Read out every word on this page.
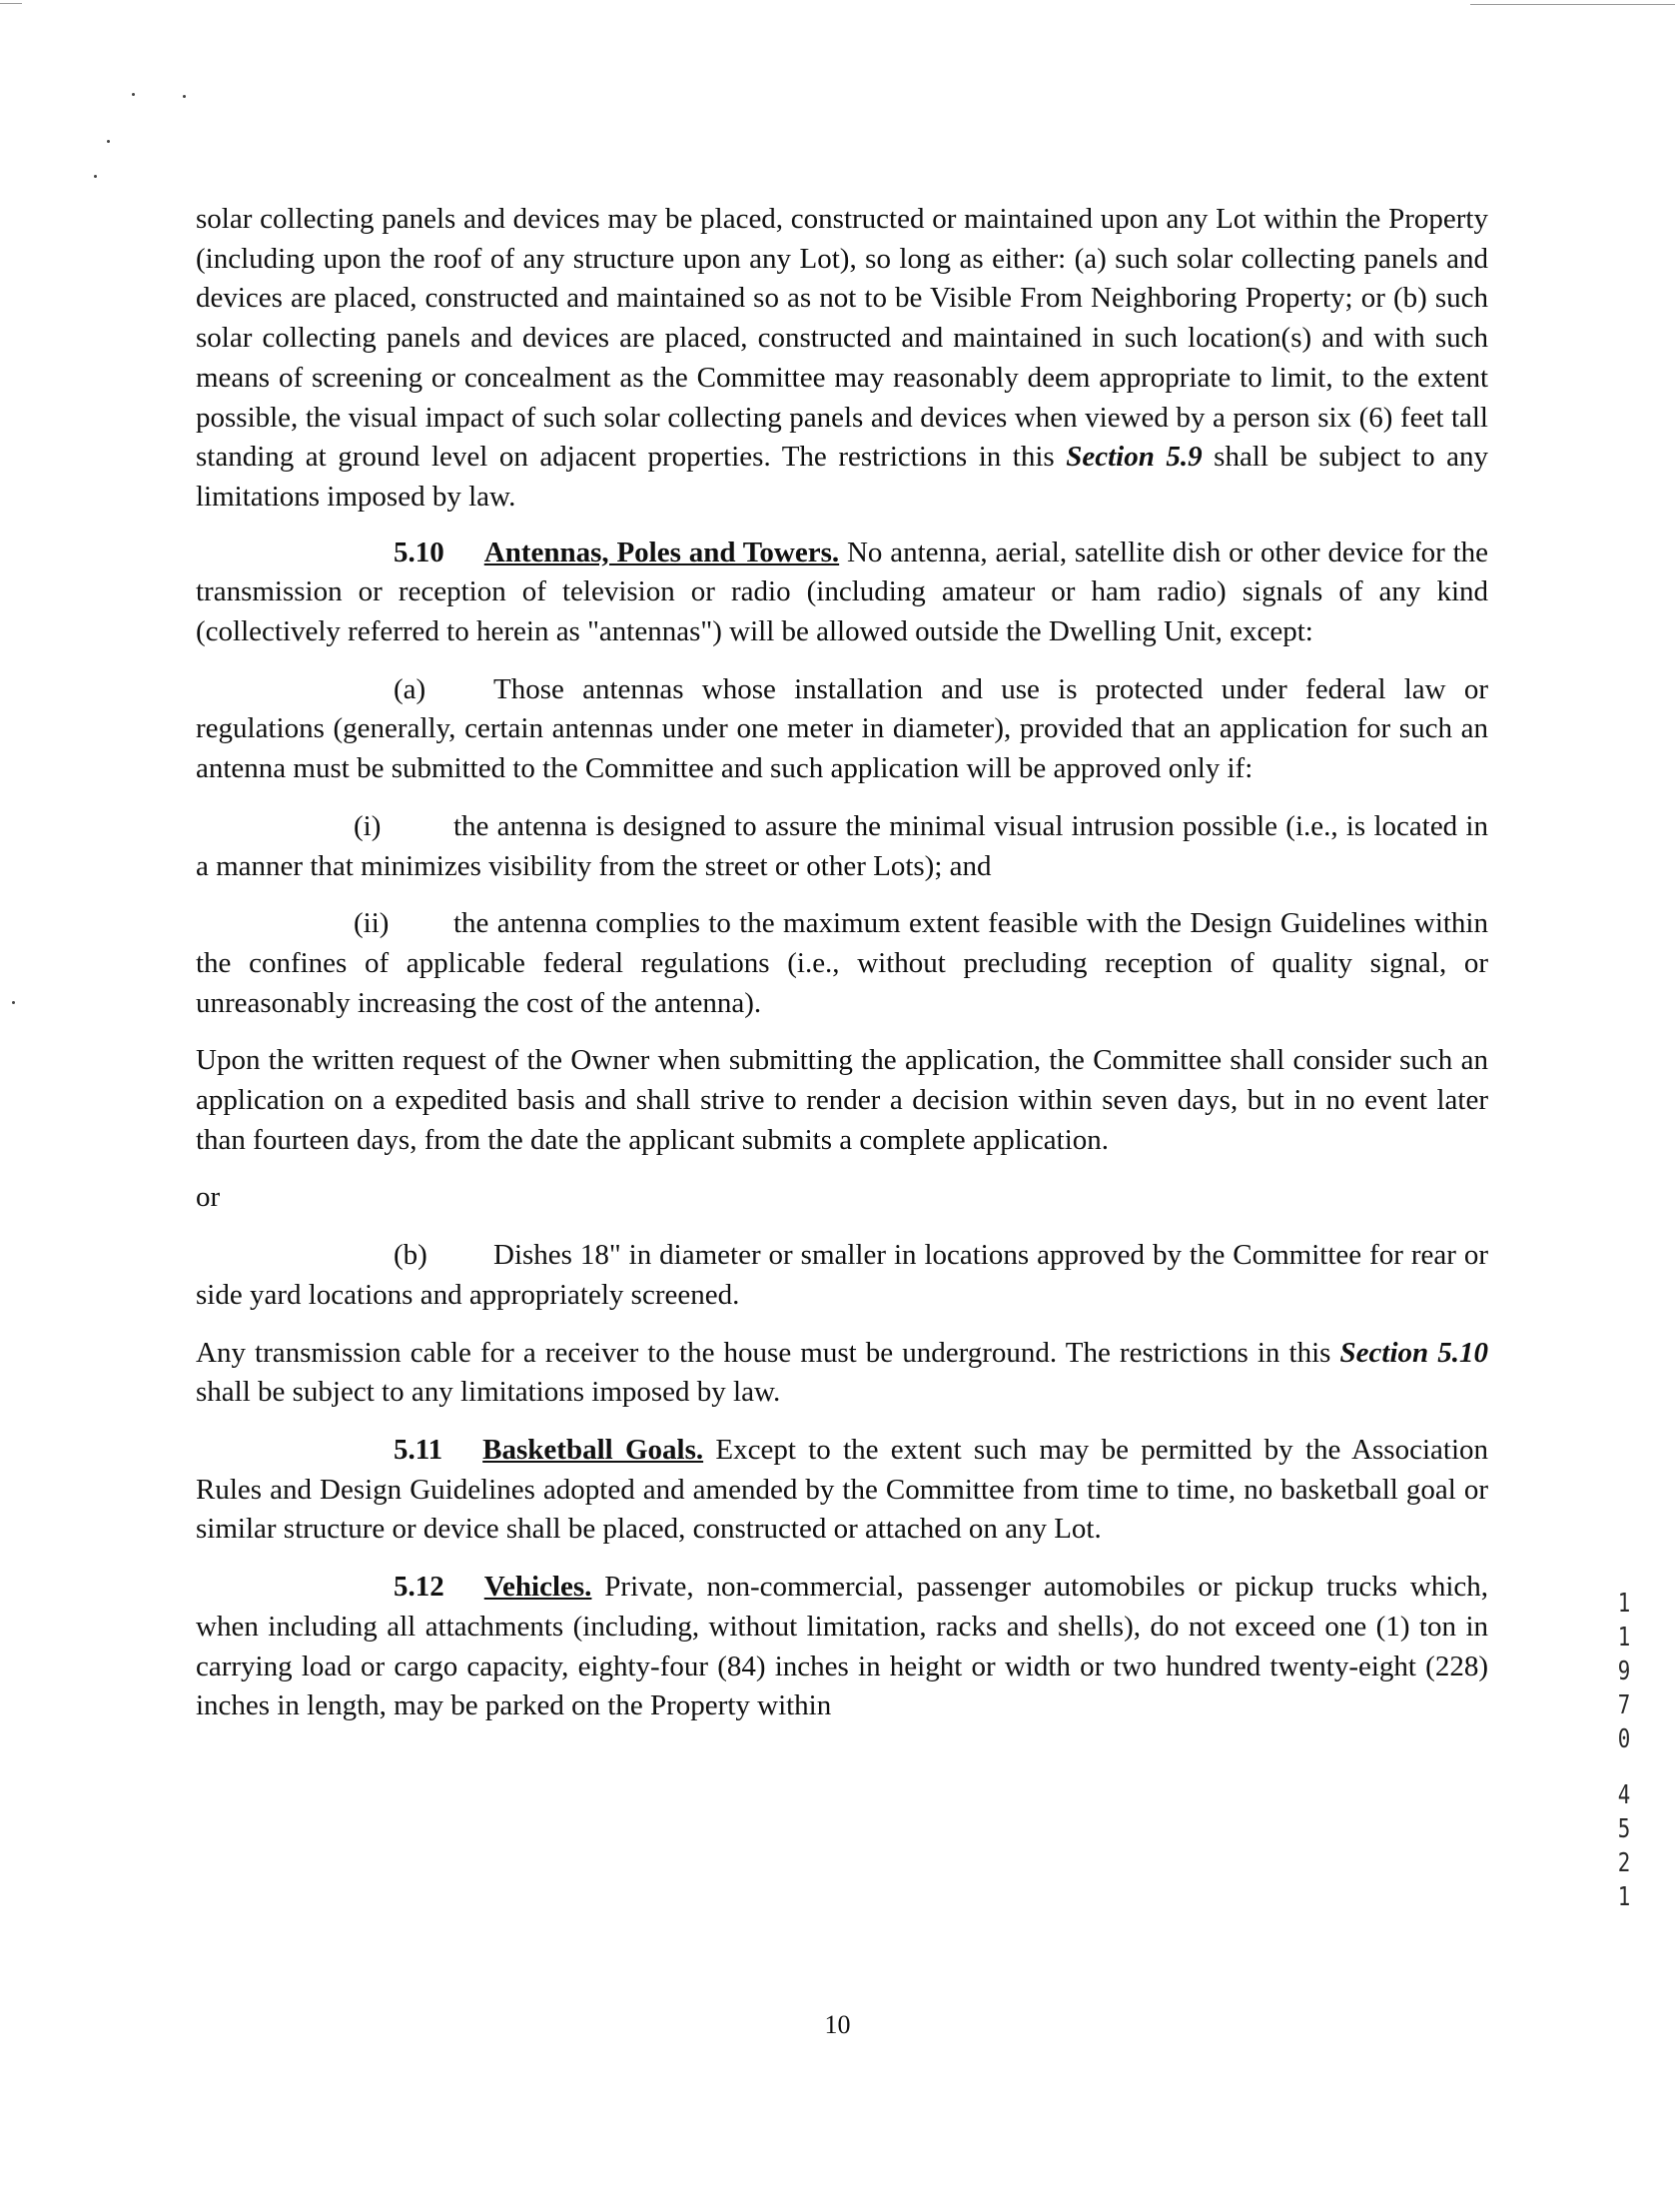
solar collecting panels and devices may be placed, constructed or maintained upon any Lot within the Property (including upon the roof of any structure upon any Lot), so long as either: (a) such solar collecting panels and devices are placed, constructed and maintained so as not to be Visible From Neighboring Property; or (b) such solar collecting panels and devices are placed, constructed and maintained in such location(s) and with such means of screening or concealment as the Committee may reasonably deem appropriate to limit, to the extent possible, the visual impact of such solar collecting panels and devices when viewed by a person six (6) feet tall standing at ground level on adjacent properties. The restrictions in this Section 5.9 shall be subject to any limitations imposed by law.

5.10 Antennas, Poles and Towers. No antenna, aerial, satellite dish or other device for the transmission or reception of television or radio (including amateur or ham radio) signals of any kind (collectively referred to herein as "antennas") will be allowed outside the Dwelling Unit, except:

(a) Those antennas whose installation and use is protected under federal law or regulations (generally, certain antennas under one meter in diameter), provided that an application for such an antenna must be submitted to the Committee and such application will be approved only if:

(i)	the antenna is designed to assure the minimal visual intrusion possible (i.e., is located in a manner that minimizes visibility from the street or other Lots); and

(ii) the antenna complies to the maximum extent feasible with the Design Guidelines within the confines of applicable federal regulations (i.e., without precluding reception of quality signal, or unreasonably increasing the cost of the antenna).

Upon the written request of the Owner when submitting the application, the Committee shall consider such an application on a expedited basis and shall strive to render a decision within seven days, but in no event later than fourteen days, from the date the applicant submits a complete application.

or

(b) Dishes 18" in diameter or smaller in locations approved by the Committee for rear or side yard locations and appropriately screened.

Any transmission cable for a receiver to the house must be underground. The restrictions in this Section 5.10 shall be subject to any limitations imposed by law.

5.11 Basketball Goals. Except to the extent such may be permitted by the Association Rules and Design Guidelines adopted and amended by the Committee from time to time, no basketball goal or similar structure or device shall be placed, constructed or attached on any Lot.

5.12 Vehicles. Private, non-commercial, passenger automobiles or pickup trucks which, when including all attachments (including, without limitation, racks and shells), do not exceed one (1) ton in carrying load or cargo capacity, eighty-four (84) inches in height or width or two hundred twenty-eight (228) inches in length, may be parked on the Property within

1
1
9
7
0
4
5
2
1
10
